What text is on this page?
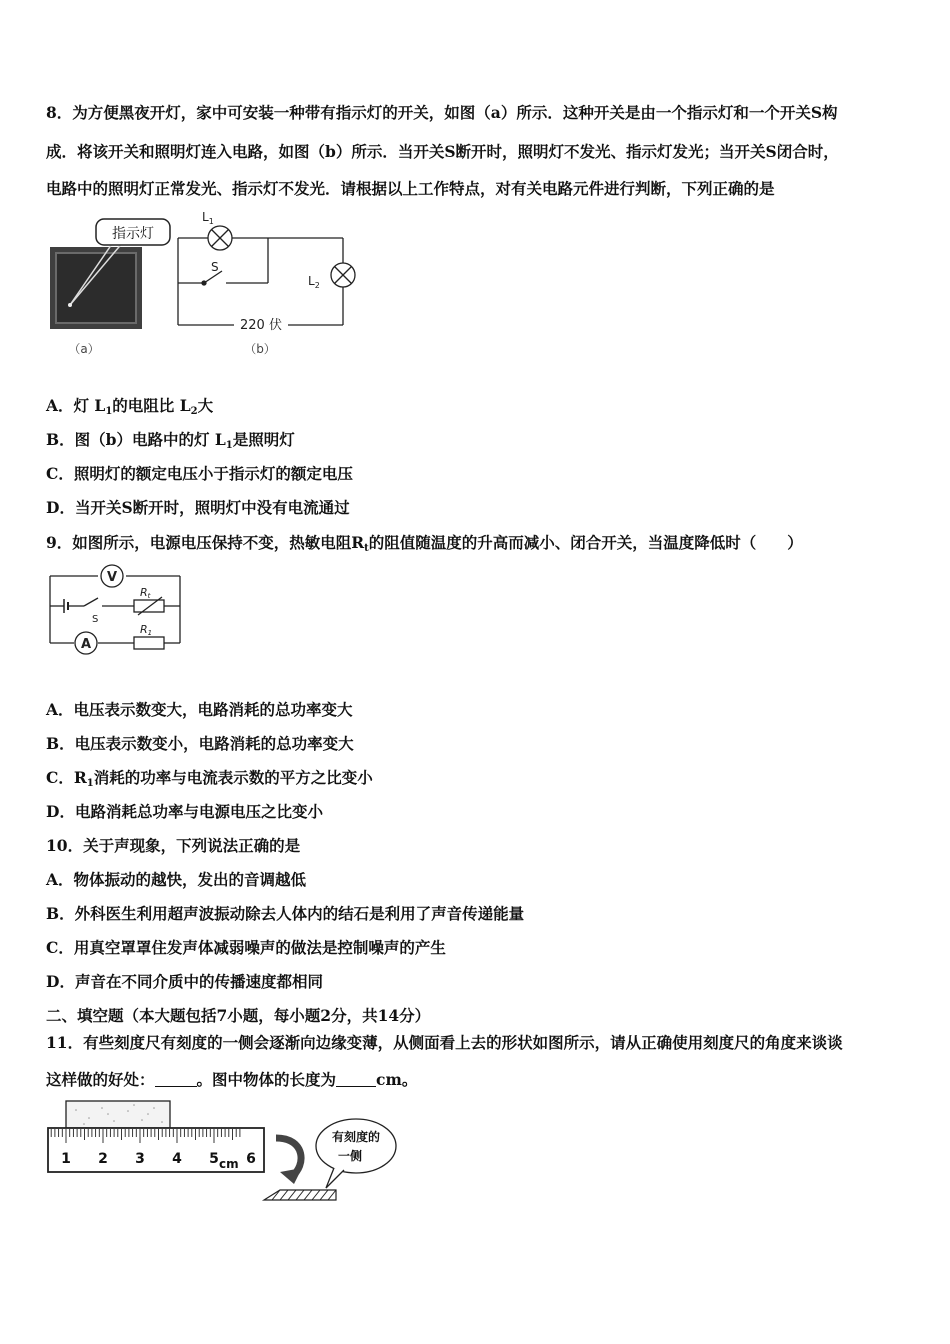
8．为方便黑夜开灯，家中可安装一种带有指示灯的开关，如图（a）所示．这种开关是由一个指示灯和一个开关S构
成．将该开关和照明灯连入电路，如图（b）所示．当开关S断开时，照明灯不发光、指示灯发光；当开关S闭合时，
电路中的照明灯正常发光、指示灯不发光．请根据以上工作特点，对有关电路元件进行判断，下列正确的是
指示灯
$L_1$
$L_2$
S
220 伏
（a）	（b）
A．灯 $L_1$的电阻比 $L_2$大
B．图（b）电路中的灯 $L_1$是照明灯
C．照明灯的额定电压小于指示灯的额定电压
D．当开关S断开时，照明灯中没有电流通过
9．如图所示，电源电压保持不变，热敏电阻$R_t$的阻值随温度的升高而减小、闭合开关，当温度降低时（　　）
V
A
S
Rt
R1
A．电压表示数变大，电路消耗的总功率变大
B．电压表示数变小，电路消耗的总功率变大
C．$R_1$消耗的功率与电流表示数的平方之比变小
D．电路消耗总功率与电源电压之比变小
10．关于声现象，下列说法正确的是
A．物体振动的越快，发出的音调越低
B．外科医生利用超声波振动除去人体内的结石是利用了声音传递能量
C．用真空罩罩住发声体减弱噪声的做法是控制噪声的产生
D．声音在不同介质中的传播速度都相同
二、填空题（本大题包括7小题，每小题2分，共14分）
11．有些刻度尺有刻度的一侧会逐渐向边缘变薄，从侧面看上去的形状如图所示，请从正确使用刻度尺的角度来谈谈
这样做的好处：	。图中物体的长度为	cm。
1 2 3 4 5 6
cm
有刻度的
一侧
